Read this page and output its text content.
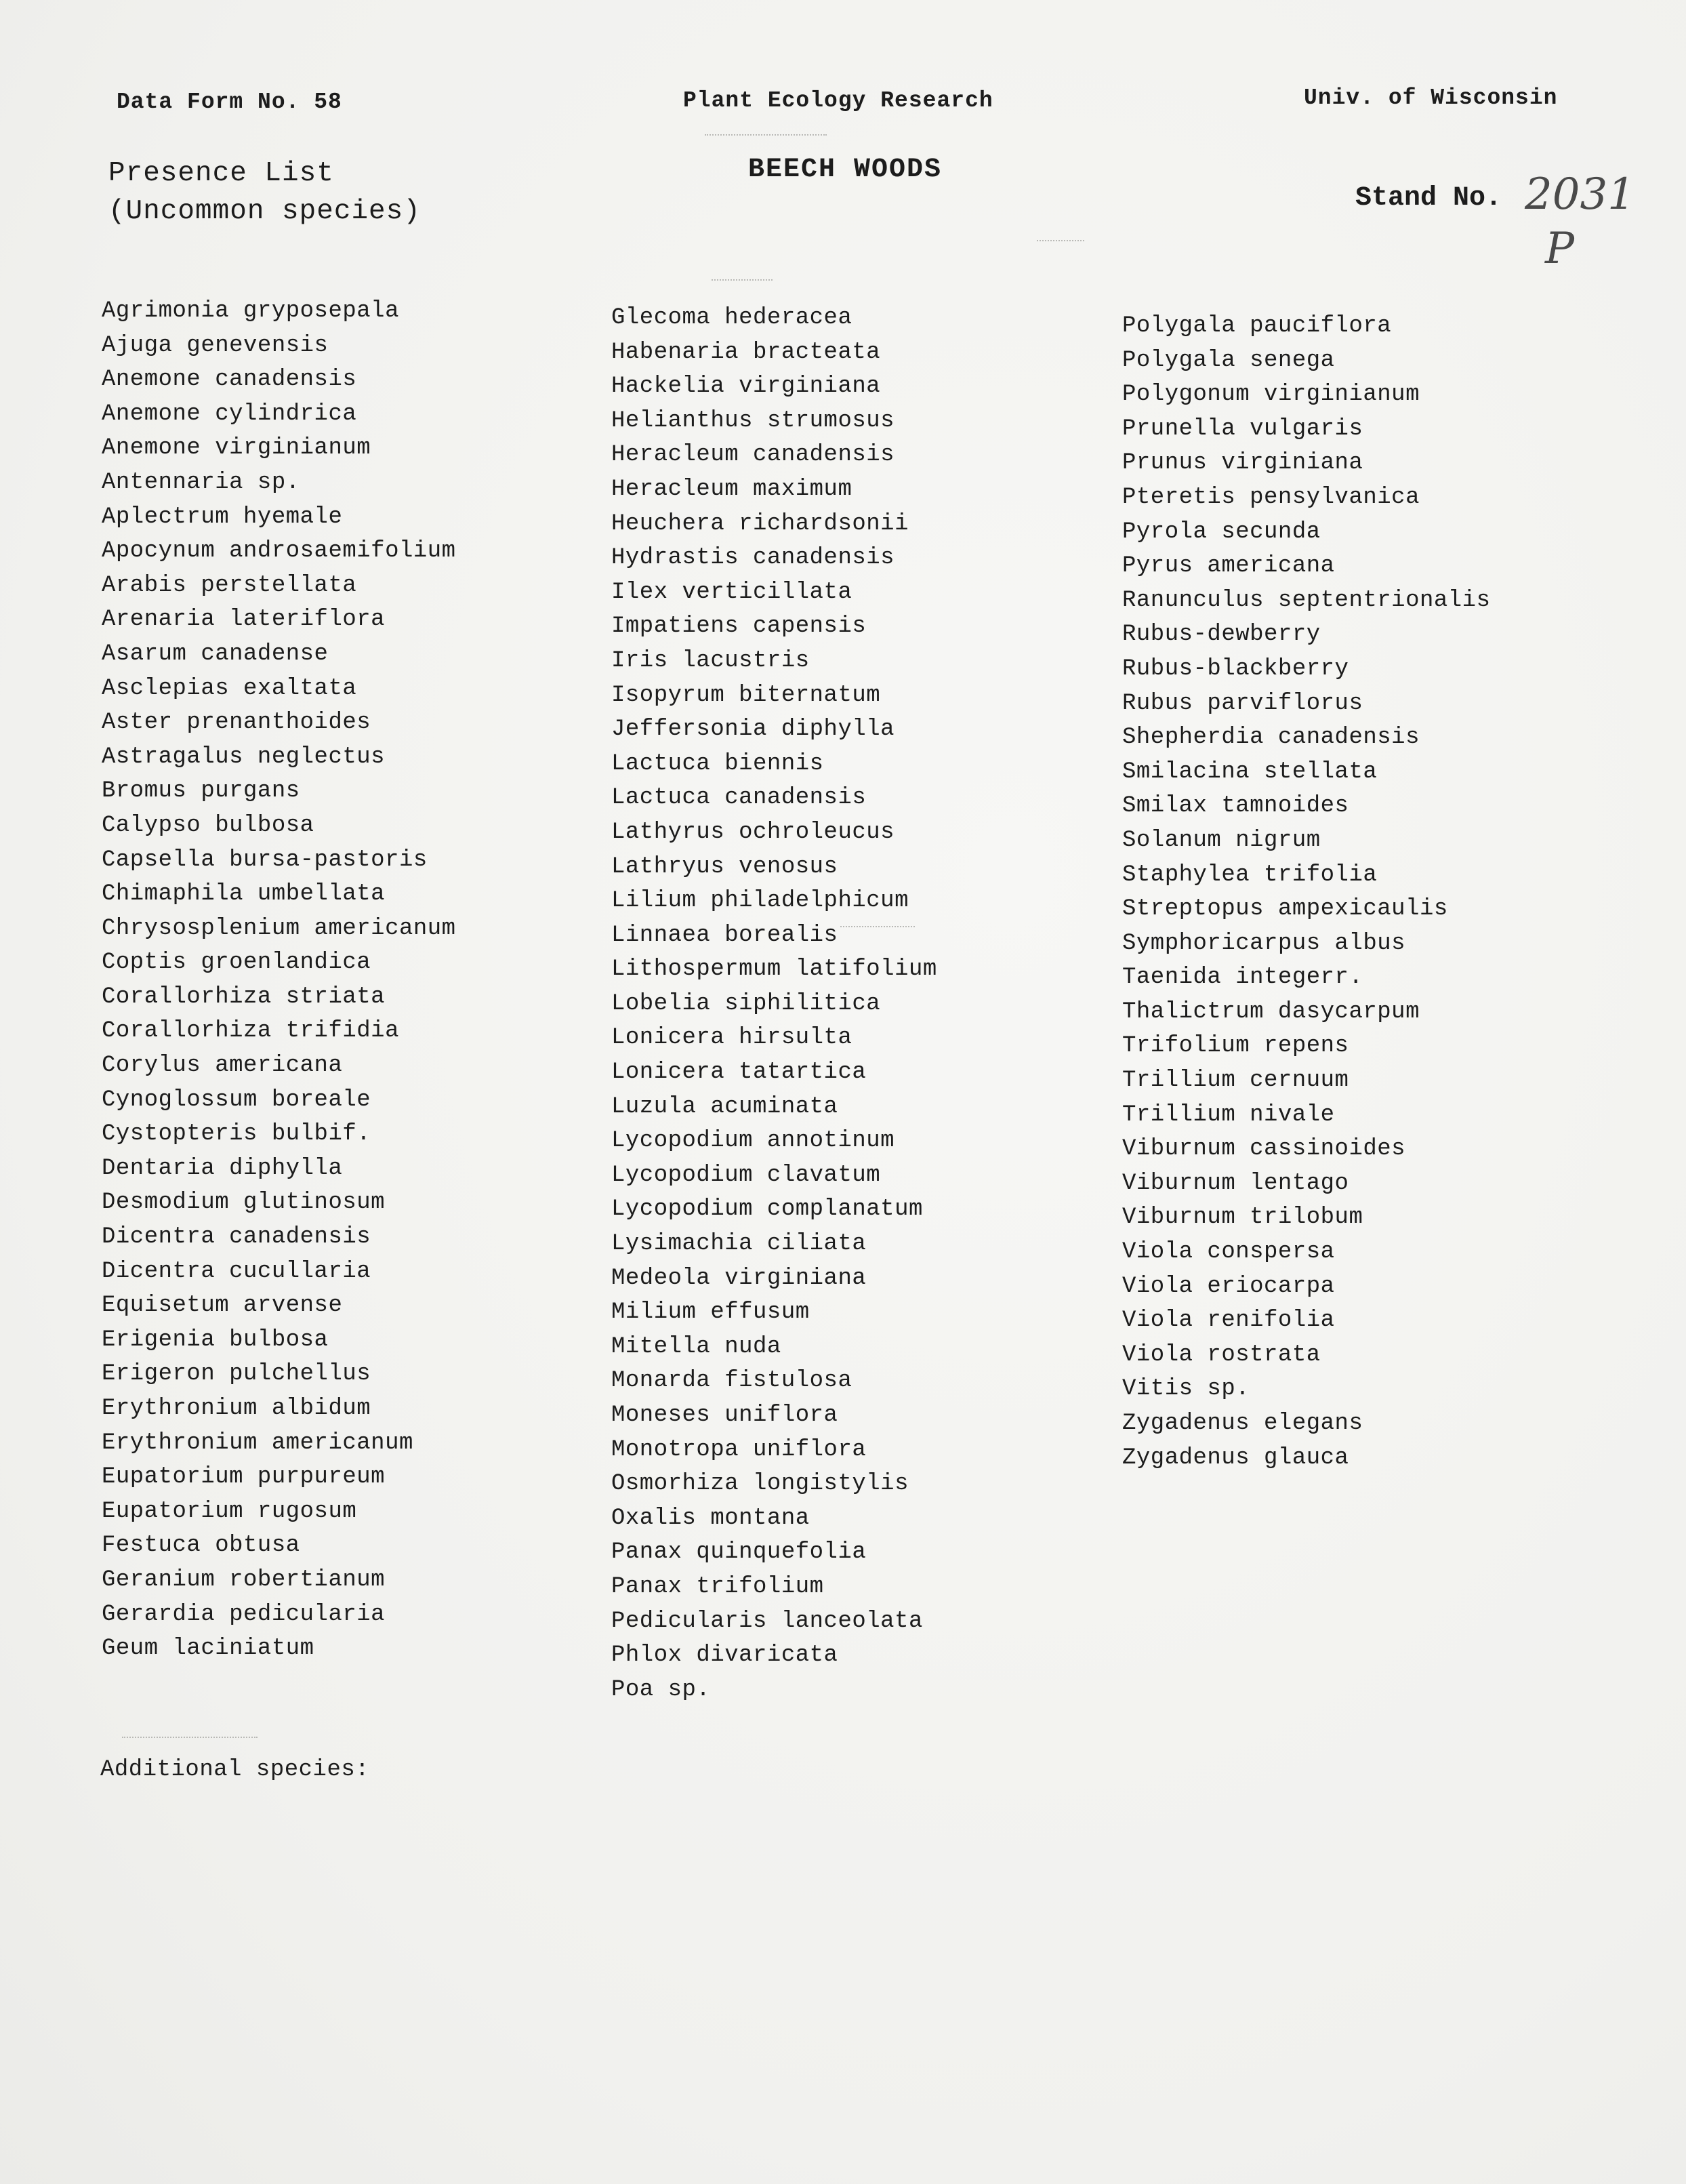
Data Form No. 58	Plant Ecology Research	Univ. of Wisconsin
Presence List
(Uncommon species)
BEECH WOODS
Stand No. 2031
P
Agrimonia gryposepala
Ajuga genevensis
Anemone canadensis
Anemone cylindrica
Anemone virginianum
Antennaria sp.
Aplectrum hyemale
Apocynum androsaemifolium
Arabis perstellata
Arenaria lateriflora
Asarum canadense
Asclepias exaltata
Aster prenanthoides
Astragalus neglectus
Bromus purgans
Calypso bulbosa
Capsella bursa-pastoris
Chimaphila umbellata
Chrysosplenium americanum
Coptis groenlandica
Corallorhiza striata
Corallorhiza trifidia
Corylus americana
Cynoglossum boreale
Cystopteris bulbif.
Dentaria diphylla
Desmodium glutinosum
Dicentra canadensis
Dicentra cucullaria
Equisetum arvense
Erigenia bulbosa
Erigeron pulchellus
Erythronium albidum
Erythronium americanum
Eupatorium purpureum
Eupatorium rugosum
Festuca obtusa
Geranium robertianum
Gerardia pedicularia
Geum laciniatum
Glecoma hederacea
Habenaria bracteata
Hackelia virginiana
Helianthus strumosus
Heracleum canadensis
Heracleum maximum
Heuchera richardsonii
Hydrastis canadensis
Ilex verticillata
Impatiens capensis
Iris lacustris
Isopyrum biternatum
Jeffersonia diphylla
Lactuca biennis
Lactuca canadensis
Lathyrus ochroleucus
Lathryus venosus
Lilium philadelphicum
Linnaea borealis
Lithospermum latifolium
Lobelia siphilitica
Lonicera hirsulta
Lonicera tatartica
Luzula acuminata
Lycopodium annotinum
Lycopodium clavatum
Lycopodium complanatum
Lysimachia ciliata
Medeola virginiana
Milium effusum
Mitella nuda
Monarda fistulosa
Moneses uniflora
Monotropa uniflora
Osmorhiza longistylis
Oxalis montana
Panax quinquefolia
Panax trifolium
Pedicularis lanceolata
Phlox divaricata
Poa sp.
Polygala pauciflora
Polygala senega
Polygonum virginianum
Prunella vulgaris
Prunus virginiana
Pteretis pensylvanica
Pyrola secunda
Pyrus americana
Ranunculus septentrionalis
Rubus-dewberry
Rubus-blackberry
Rubus parviflorus
Shepherdia canadensis
Smilacina stellata
Smilax tamnoides
Solanum nigrum
Staphylea trifolia
Streptopus ampexicaulis
Symphoricarpus albus
Taenida integerr.
Thalictrum dasycarpum
Trifolium repens
Trillium cernuum
Trillium nivale
Viburnum cassinoides
Viburnum lentago
Viburnum trilobum
Viola conspersa
Viola eriocarpa
Viola renifolia
Viola rostrata
Vitis sp.
Zygadenus elegans
Zygadenus glauca
Additional species:
